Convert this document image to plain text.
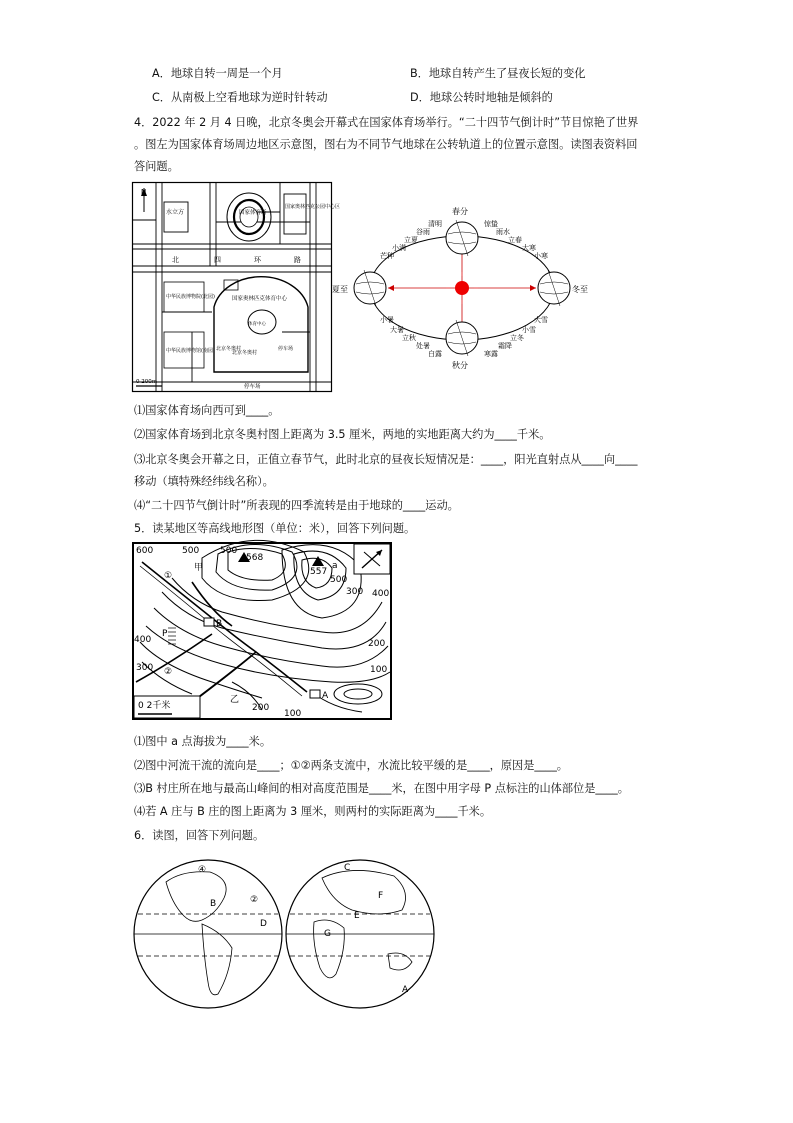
A．地球自转一周是一个月	B．地球自转产生了昼夜长短的变化
C．从南极上空看地球为逆时针转动	D．地球公转时地轴是倾斜的
4．2022 年 2 月 4 日晚，北京冬奥会开幕式在国家体育场举行。“二十四节气倒计时”节目惊艳了世界
。图左为国家体育场周边地区示意图，图右为不同节气地球在公转轨道上的位置示意图。读图表资料回
答问题。
N
水立方	国家体育场
国家奥林匹克公园中心区
北	四	环	路
中华民族博物院(北园)
中华民族博物馆(南园)
国家奥林匹克体育中心
体育中心
北京冬奥村
北京冬奥村
停车场
停车场
0 200m
春分
夏至	冬至
秋分
清明
谷雨
立夏
小满
芒种
惊蛰
雨水
立春
大寒
小寒
小暑
大暑
立秋
处暑
白露	寒露
霜降
立冬
小雪
大雪
⑴国家体育场向西可到____。
⑵国家体育场到北京冬奥村图上距离为 3.5 厘米，两地的实地距离大约为____千米。
⑶北京冬奥会开幕之日，正值立春节气，此时北京的昼夜长短情况是：____，阳光直射点从____向____
移动（填特殊经纬线名称）。
⑷“二十四节气倒计时”所表现的四季流转是由于地球的____运动。
5．读某地区等高线地形图（单位：米），回答下列问题。
600	500 500
568
557
500
400
400
300
300
200
100
200
100
甲
乙
①
②
B
A
P
a
0 2千米
⑴图中 a 点海拔为____米。
⑵图中河流干流的流向是____；①②两条支流中，水流比较平缓的是____，原因是____。
⑶B 村庄所在地与最高山峰间的相对高度范围是____米，在图中用字母 P 点标注的山体部位是____。
⑷若 A 庄与 B 庄的图上距离为 3 厘米，则两村的实际距离为____千米。
6．读图，回答下列问题。
④
②
B
D
C
F
E
G
A
